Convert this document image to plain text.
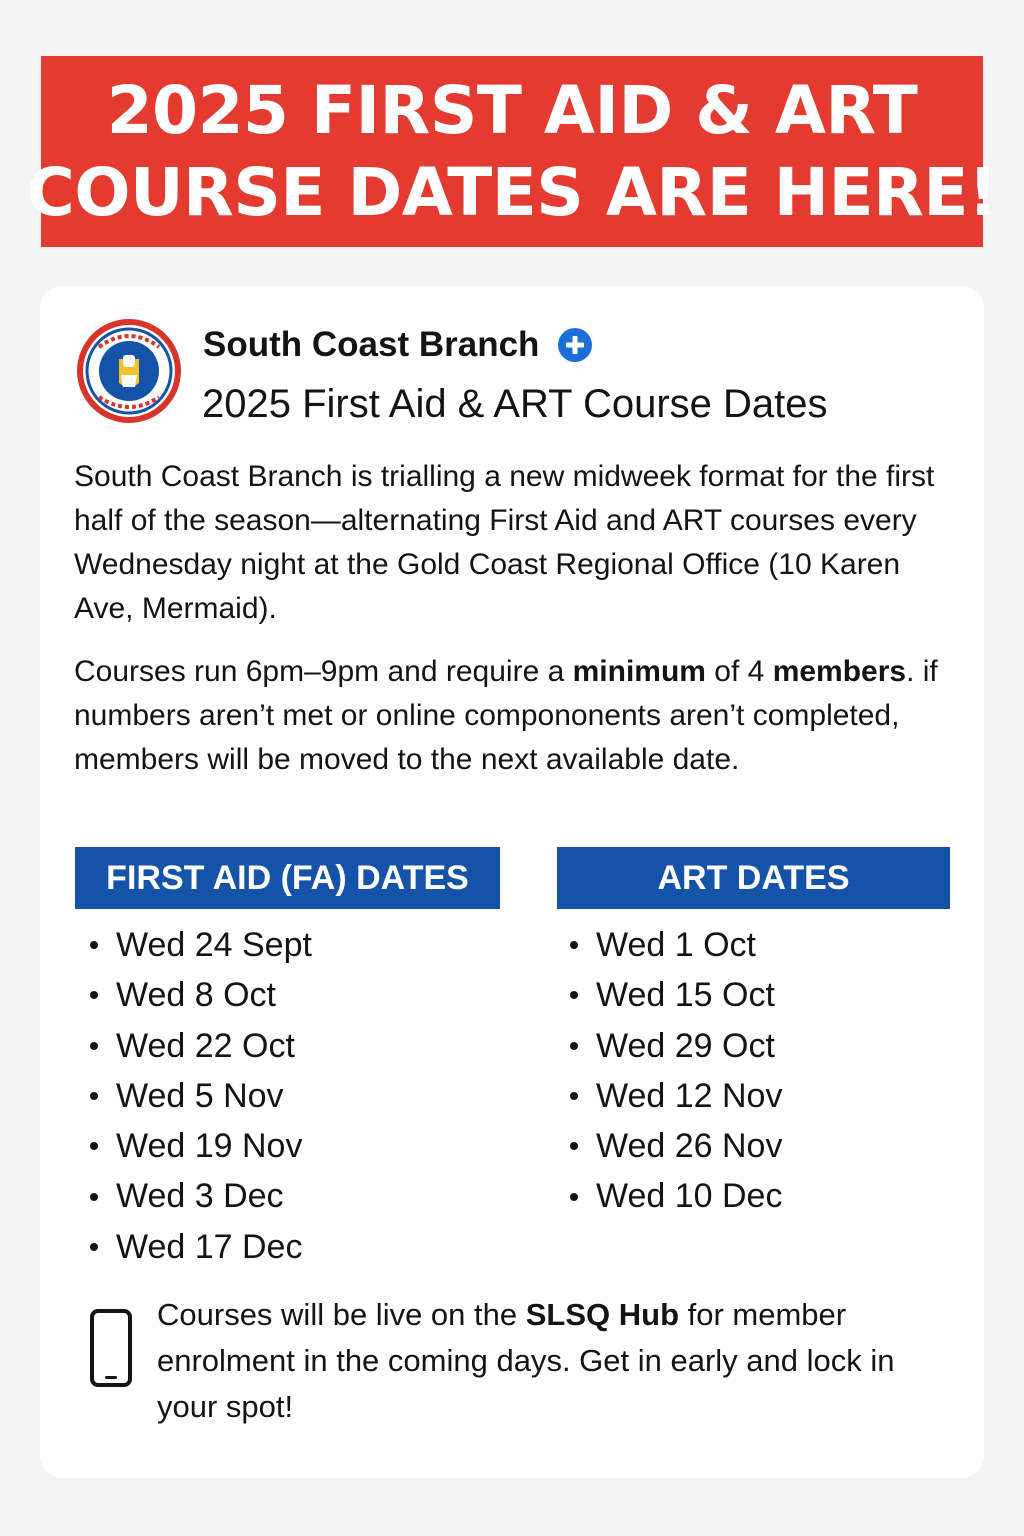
2025 FIRST AID & ART
COURSE DATES ARE HERE!
South Coast Branch
2025 First Aid & ART Course Dates

South Coast Branch is trialling a new midweek format for the first half of the season—alternating First Aid and ART courses every Wednesday night at the Gold Coast Regional Office (10 Karen Ave, Mermaid).

Courses run 6pm–9pm and require a minimum of 4 members. if numbers aren’t met or online compononents aren’t completed, members will be moved to the next available date.

FIRST AID (FA) DATES	ART DATES
Wed 24 Sept
Wed 8 Oct
Wed 22 Oct
Wed 5 Nov
Wed 19 Nov
Wed 3 Dec
Wed 17 Dec
Wed 1 Oct
Wed 15 Oct
Wed 29 Oct
Wed 12 Nov
Wed 26 Nov
Wed 10 Dec

Courses will be live on the SLSQ Hub for member enrolment in the coming days. Get in early and lock in your spot!
